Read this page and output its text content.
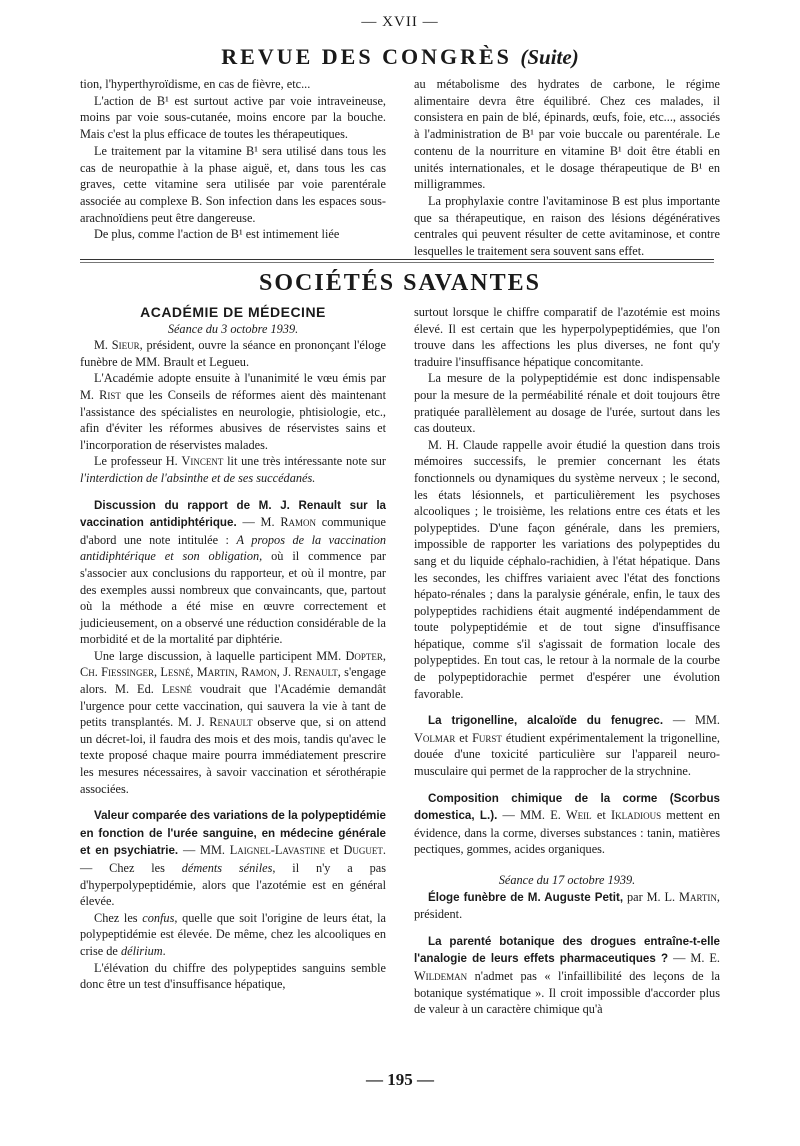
— XVII —
REVUE DES CONGRÈS (Suite)

tion, l'hyperthyroïdisme, en cas de fièvre, etc...

L'action de B¹ est surtout active par voie intraveineuse, moins par voie sous-cutanée, moins encore par la bouche. Mais c'est la plus efficace de toutes les thérapeutiques.

Le traitement par la vitamine B¹ sera utilisé dans tous les cas de neuropathie à la phase aiguë, et, dans tous les cas graves, cette vitamine sera utilisée par voie parentérale associée au complexe B. Son infection dans les espaces sous-arachnoïdiens peut être dangereuse.

De plus, comme l'action de B¹ est intimement liée

au métabolisme des hydrates de carbone, le régime alimentaire devra être équilibré. Chez ces malades, il consistera en pain de blé, épinards, œufs, foie, etc..., associés à l'administration de B¹ par voie buccale ou parentérale. Le contenu de la nourriture en vitamine B¹ doit être établi en unités internationales, et le dosage thérapeutique de B¹ en milligrammes.

La prophylaxie contre l'avitaminose B est plus importante que sa thérapeutique, en raison des lésions dégénératives centrales qui peuvent résulter de cette avitaminose, et contre lesquelles le traitement sera souvent sans effet.

SOCIÉTÉS SAVANTES

ACADÉMIE DE MÉDECINE

Séance du 3 octobre 1939.

M. Sieur, président, ouvre la séance en prononçant l'éloge funèbre de MM. Brault et Legueu.

L'Académie adopte ensuite à l'unanimité le vœu émis par M. Rist que les Conseils de réformes aient dès maintenant l'assistance des spécialistes en neurologie, phtisiologie, etc., afin d'éviter les réformes abusives de réservistes sains et l'incorporation de réservistes malades.

Le professeur H. Vincent lit une très intéressante note sur l'interdiction de l'absinthe et de ses succédanés.

Discussion du rapport de M. J. Renault sur la vaccination antidiphtérique. — M. Ramon communique d'abord une note intitulée : A propos de la vaccination antidiphtérique et son obligation, où il commence par s'associer aux conclusions du rapporteur, et où il montre, par des exemples aussi nombreux que convaincants, que, partout où la méthode a été mise en œuvre correctement et judicieusement, on a observé une réduction considérable de la morbidité et de la mortalité par diphtérie.

Une large discussion, à laquelle participent MM. Dopter, Ch. Fiessinger, Lesné, Martin, Ramon, J. Renault, s'engage alors. M. Ed. Lesné voudrait que l'Académie demandât l'urgence pour cette vaccination, qui sauvera la vie à tant de petits transplantés. M. J. Renault observe que, si on attend un décret-loi, il faudra des mois et des mois, tandis qu'avec le texte proposé chaque maire pourra immédiatement prescrire les mesures nécessaires, à savoir vaccination et sérothérapie associées.

Valeur comparée des variations de la polypeptidémie en fonction de l'urée sanguine, en médecine générale et en psychiatrie. — MM. Laignel-Lavastine et Duguet. — Chez les déments séniles, il n'y a pas d'hyperpolypeptidémie, alors que l'azotémie est en général élevée.

Chez les confus, quelle que soit l'origine de leurs état, la polypeptidémie est élevée. De même, chez les alcooliques en crise de délirium.

L'élévation du chiffre des polypeptides sanguins semble donc être un test d'insuffisance hépatique,

surtout lorsque le chiffre comparatif de l'azotémie est moins élevé. Il est certain que les hyperpolypeptidémies, que l'on trouve dans les affections les plus diverses, ne font qu'y traduire l'insuffisance hépatique concomitante.

La mesure de la polypeptidémie est donc indispensable pour la mesure de la perméabilité rénale et doit toujours être pratiquée parallèlement au dosage de l'urée, surtout dans les cas douteux.

M. H. Claude rappelle avoir étudié la question dans trois mémoires successifs, le premier concernant les états fonctionnels ou dynamiques du système nerveux ; le second, les états lésionnels, et particulièrement les psychoses alcooliques ; le troisième, les relations entre ces états et les polypeptides. D'une façon générale, dans les premiers, impossible de rapporter les variations des polypeptides du sang et du liquide céphalo-rachidien, à l'état hépatique. Dans les secondes, les chiffres variaient avec l'état des fonctions hépato-rénales ; dans la paralysie générale, enfin, le taux des polypeptides rachidiens était augmenté indépendamment de toute polypeptidémie et de tout signe d'insuffisance hépatique, comme s'il s'agissait de formation locale des polypeptides. En tout cas, le retour à la normale de la courbe de polypeptidorachie permet d'espérer une évolution favorable.

La trigonelline, alcaloïde du fenugrec. — MM. Volmar et Furst étudient expérimentalement la trigonelline, douée d'une toxicité particulière sur l'appareil neuro-musculaire qui permet de la rapprocher de la strychnine.

Composition chimique de la corme (Scorbus domestica, L.). — MM. E. Weil et Ikladious mettent en évidence, dans la corme, diverses substances : tanin, matières pectiques, gommes, acides organiques.

Séance du 17 octobre 1939.

Éloge funèbre de M. Auguste Petit, par M. L. Martin, président.

La parenté botanique des drogues entraîne-t-elle l'analogie de leurs effets pharmaceutiques ? — M. E. Wildeman n'admet pas « l'infaillibilité des leçons de la botanique systématique ». Il croit impossible d'accorder plus de valeur à un caractère chimique qu'à

— 195 —
